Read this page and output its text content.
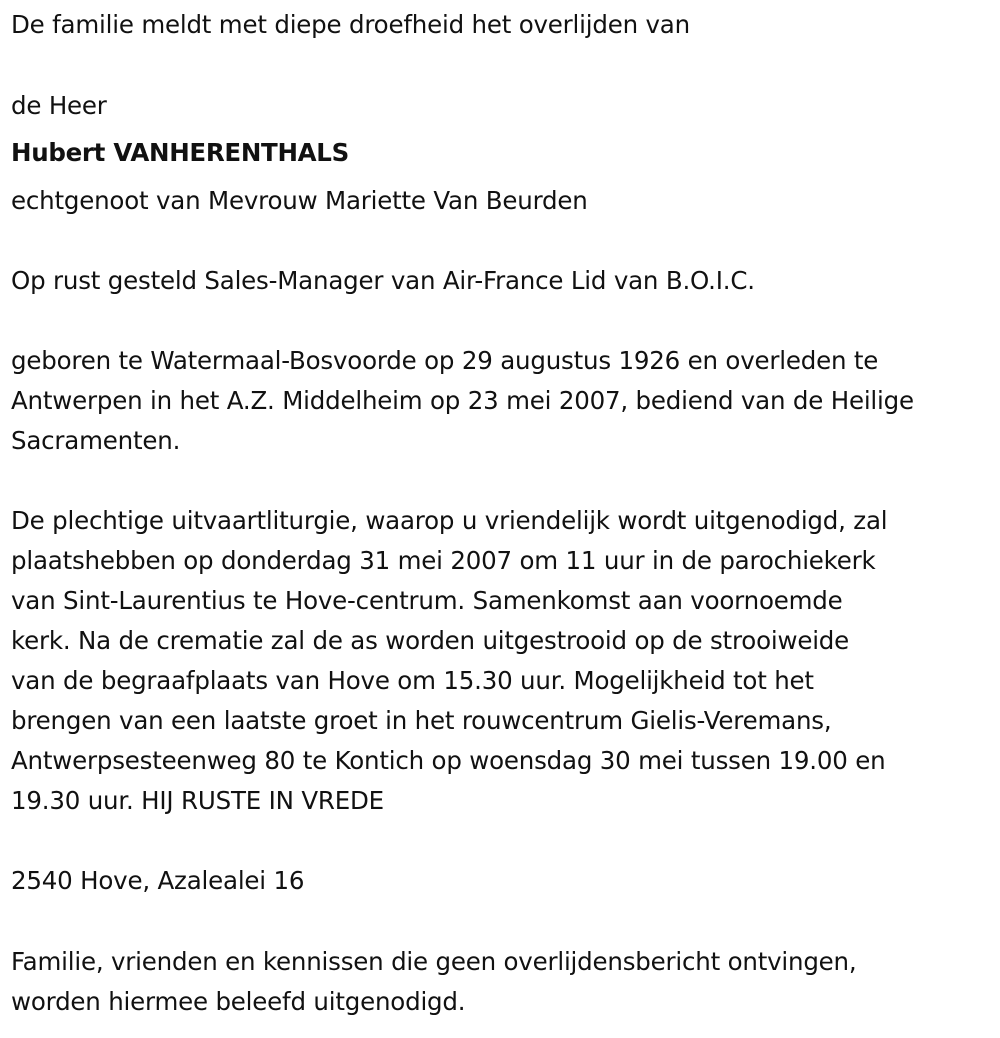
De familie meldt met diepe droefheid het overlijden van
de Heer
Hubert VANHERENTHALS
echtgenoot van Mevrouw Mariette Van Beurden
Op rust gesteld Sales-Manager van Air-France Lid van B.O.I.C.
geboren te Watermaal-Bosvoorde op 29 augustus 1926 en overleden te
Antwerpen in het A.Z. Middelheim op 23 mei 2007, bediend van de Heilige
Sacramenten.
De plechtige uitvaartliturgie, waarop u vriendelijk wordt uitgenodigd, zal
plaatshebben op donderdag 31 mei 2007 om 11 uur in de parochiekerk
van Sint-Laurentius te Hove-centrum. Samenkomst aan voornoemde
kerk. Na de crematie zal de as worden uitgestrooid op de strooiweide
van de begraafplaats van Hove om 15.30 uur. Mogelijkheid tot het
brengen van een laatste groet in het rouwcentrum Gielis-Veremans,
Antwerpsesteenweg 80 te Kontich op woensdag 30 mei tussen 19.00 en
19.30 uur. HIJ RUSTE IN VREDE
2540 Hove, Azalealei 16
Familie, vrienden en kennissen die geen overlijdensbericht ontvingen,
worden hiermee beleefd uitgenodigd.
